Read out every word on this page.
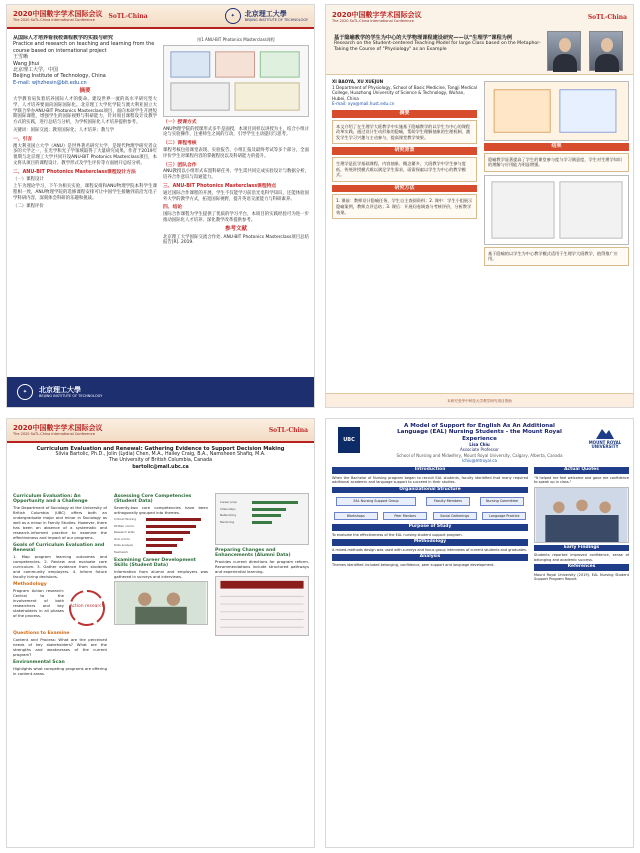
2020中国數字学术国际会议
The 2020 SoTL-China International Conference	SoTL-China	✦	北京理工大學
BEIJING INSTITUTE OF TECHNOLOGY
从国际人才培养看我校课程教学的实践与研究
Practice and research on teaching and learning from the course based on international project
王雪晰
Wang Jihui
北京理工大学，中国
Beijing Institute of Technology, China
E-mail: wjhzhesin@bit.edu.cn
摘要
大学教育肩负着培养国际人才的使命。建设世界一流的高水平研究型大学，人才培养要面向国际国际化。北京理工大学化学院与澳大利亚国立大学联合举办ANU-BIT Photonics Masterclass项目，面向本硕学生开展短期国际课程，增强学生的国际视野与科研能力，针对项目课程设计及教学方式的实践，进行总结与分析，为学校国际化人才培养提供参考。
关键词：国际交流；教育国际化；人才培养；教与学
一、引言
澳大利亚国立大学（ANU）是世界著名研究大学，是现代物理学研究者众多的大学之一，在光学和光子学领域取得了大量研究成果。作者于2019年暑期与北京理工大学共同开设ANU-BIT Photonics Masterclass项目，本文将从项目的课程设计、教学形式及学生评价等方面展开总结分析。
二、ANU-BIT Photonics Masterclass课程设计方法
（一）课程设计
上午为理论学习，下午为相关实验，课程安排和ANU物理学院本科学生课程相一致，ANU物理学院的选修课程安排可让中国学生接触到前沿光电子学科研内容，深刻体会科研的乐趣和挑战。
（二）课程评价
图1 ANU-BIT Photonics Masterclass课程
（一）授课方式
ANU物理学院的授课形式多半是面授，本项目同样以讲授为主，结合小组讨论与实验操作，注重师生之间的互动，引导学生主动提问与思考。
（二）课程考核
课程考核包括课堂表现、实验报告、小组汇报及最终考试等多个部分，全面评价学生对课程内容的掌握程度以及科研能力的提升。
（三）团队合作
ANU教授以小组形式布置科研任务，学生需共同完成实验设计与数据分析，培养合作意识与沟通能力。
三、ANU-BIT Photonics Masterclass课程特点
通过国际合作课程的开展，学生不仅能学习前沿光电科学知识，还能体验国外大学的教学方式，拓宽国际视野，提升英语交流能力与科研素养。
四、结论
国际合作课程为学生提供了优质的学习平台，本项目的实践经验可为进一步推动国际化人才培养、深化教学改革提供参考。
参考文献
北京理工大学国际交流合作处. ANU-BIT Photonics Masterclass项目总结报告[R]. 2019.
✦	北京理工大學
BEIJING INSTITUTE OF TECHNOLOGY
2020中国數字学术国际会议
The 2020 SoTL-China International Conference	SoTL-China
基于隐喻教学的学生为中心的大学物理课程建设研究——以“生理学”课程为例
Research on the Student-centered Teaching Model for large Class based on the Metaphor-Taking the Course of "Physiology" as an Example
XI BAOYA, XU XUEJUN
1 Department of Physiology, School of Basic Medicine, Tongji Medical College, Huazhong University of Science & Technology, Wuhan, Hubei, China
E-mail: xyx@mail.hust.edu.cn
摘要
本文介绍了在生理学大班教学中实施基于隐喻教学的以学生为中心的课程改革实践。通过设计生动形象的隐喻，帮助学生理解抽象的生理机制，激发学生学习兴趣与主动参与，提高课堂教学效果。
研究背景
生理学是医学基础课程，内容抽象、概念繁多，大班教学中学生参与度低，传统讲授模式难以满足学生需求，亟需探索以学生为中心的教学模式。
研究方法
1. 课前：教师设计隐喻任务，学生自主查阅资料；2. 课中：学生小组展示隐喻案例，教师点评总结；3. 课后：开展问卷调查与考核评价，分析教学效果。
结果
隐喻教学显著提高了学生的课堂参与度与学习满意度，学生对生理学知识的理解与应用能力明显增强。
基于隐喻的以学生为中心教学模式适用于生理学大班教学，值得推广应用。
本研究受华中科技大学教学研究项目资助
2020中国數字学术国际会议
The 2020 SoTL-China International Conference	SoTL-China
Curriculum Evaluation and Renewal: Gathering Evidence to Support Decision Making
Silvia Bartolic, Ph.D., Jolin (Lydia) Chen, M.A., Hailey Craig, B.A., Namsheen Shafiq, M.A.
The University of British Columbia, Canada
bartolic@mail.ubc.ca
Curriculum Evaluation: An Opportunity and a Challenge
The Department of Sociology at the University of British Columbia (UBC) offers both an undergraduate major and minor in Sociology as well as a minor in Family Studies. However, there has been an absence of a systematic and research-informed practice to examine the effectiveness and impact of our programs.
Goals of Curriculum Evaluation and Renewal
1. Map program learning outcomes and competencies. 2. Review and evaluate core curriculum. 3. Gather evidence from students and community employers. 4. Inform future faculty hiring decisions.
Methodology
Program Action research: Central to the involvement of both researchers and key stakeholders in all phases of the process.
Action research
Questions to Examine
Content and Process: What are the perceived needs of key stakeholders? What are the strengths and weaknesses of the current program?
Environmental Scan
Highlights what competing programs are offering in content areas.
Assessing Core Competencies (Student Data)
Seventy-two core competencies have been orthogonally grouped into themes.
Critical thinking
Written comm.
Research skills
Oral comm.
Data analysis
Teamwork
Examining Career Development Skills (Student Data)
Information from alumni and employers was gathered in surveys and interviews.
Career prep
Internships
Networking
Mentoring
Preparing Changes and Enhancements (Alumni Data)
Provides current directions for program reform. Recommendations include structured pathways and experiential learning.
UBC
A Model of Support for English As An Additional Language (EAL) Nursing Students - the Mount Royal Experience
Lisa Chiu
Associate Professor
School of Nursing and Midwifery, Mount Royal University, Calgary, Alberta, Canada
lchiu@mtroyal.ca
MOUNT ROYAL UNIVERSITY
Introduction
When the Bachelor of Nursing program began to recruit EAL students, faculty identified that many required additional academic and language support to succeed in their studies.
Organizational Structure
EAL Nursing Support Group	Faculty Members	Nursing Committee
Workshops	Peer Mentors	Social Gatherings	Language Practice
Purpose of Study
To evaluate the effectiveness of the EAL nursing student support program.
Methodology
A mixed-methods design was used with surveys and focus group interviews of current students and graduates.
Analysis
Themes identified included belonging, confidence, peer support and language development.
Actual Quotes
"It helped me feel welcome and gave me confidence to speak up in class."
Early Findings
Students reported improved confidence, sense of belonging and academic success.
References
Mount Royal University (2019). EAL Nursing Student Support Program Report.
